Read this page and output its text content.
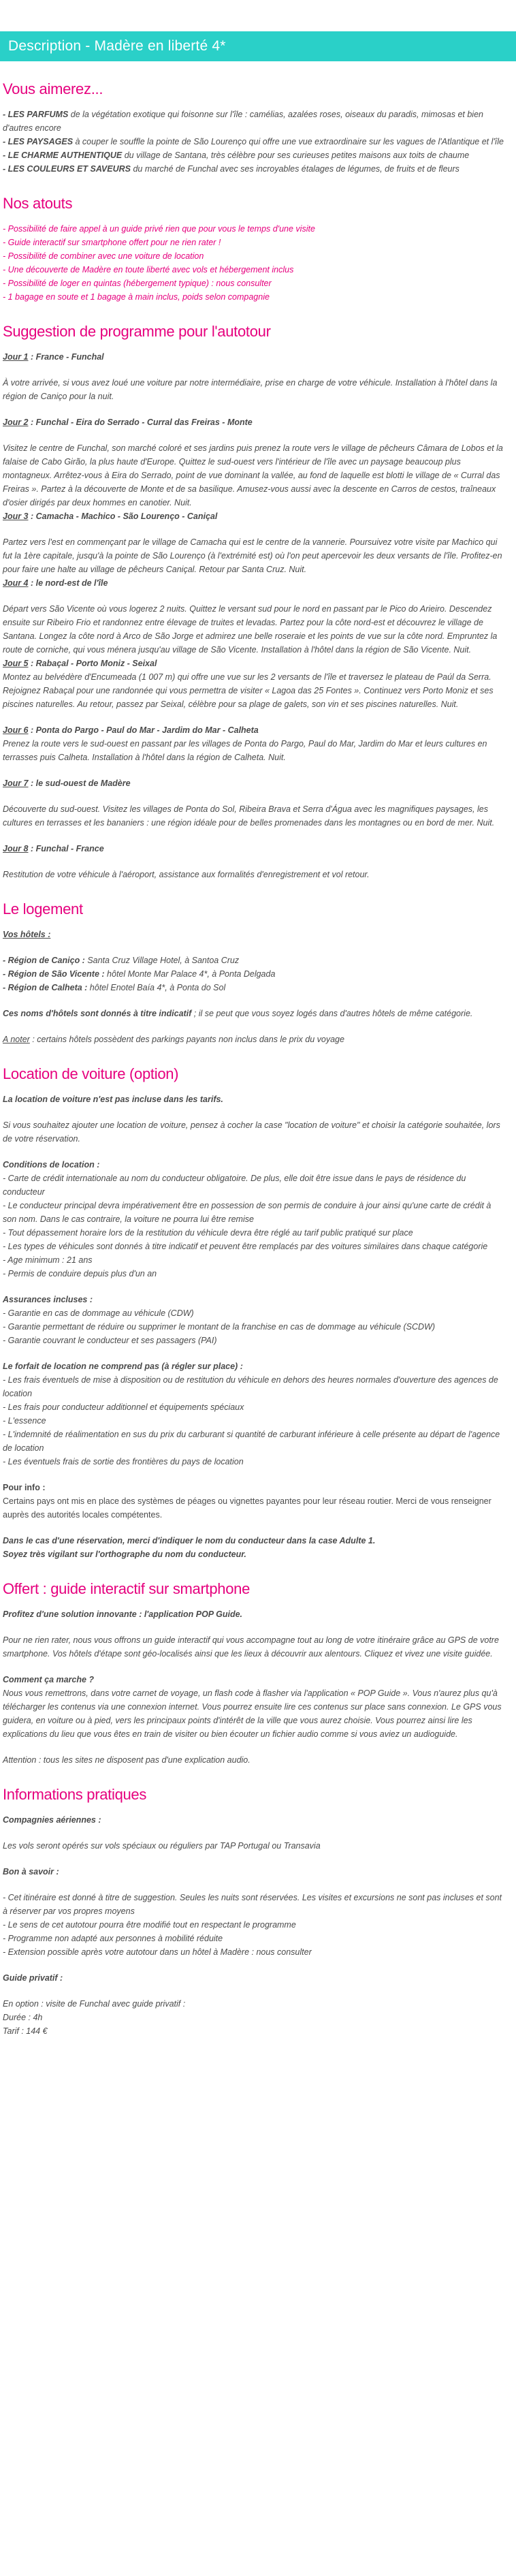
Description - Madère en liberté 4*
Vous aimerez...

- LES PARFUMS de la végétation exotique qui foisonne sur l'île : camélias, azalées roses, oiseaux du paradis, mimosas et bien d'autres encore

- LES PAYSAGES à couper le souffle la pointe de São Lourenço qui offre une vue extraordinaire sur les vagues de l'Atlantique et l'île

- LE CHARME AUTHENTIQUE du village de Santana, très célèbre pour ses curieuses petites maisons aux toits de chaume

- LES COULEURS ET SAVEURS du marché de Funchal avec ses incroyables étalages de légumes, de fruits et de fleurs

Nos atouts

- Possibilité de faire appel à un guide privé rien que pour vous le temps d'une visite

- Guide interactif sur smartphone offert pour ne rien rater !

- Possibilité de combiner avec une voiture de location

- Une découverte de Madère en toute liberté avec vols et hébergement inclus

- Possibilité de loger en quintas (hébergement typique) : nous consulter

- 1 bagage en soute et 1 bagage à main inclus, poids selon compagnie

Suggestion de programme pour l'autotour

Jour 1 : France - Funchal

À votre arrivée, si vous avez loué une voiture par notre intermédiaire, prise en charge de votre véhicule. Installation à l'hôtel dans la région de Caniço pour la nuit.

Jour 2 : Funchal - Eira do Serrado - Curral das Freiras - Monte

Visitez le centre de Funchal, son marché coloré et ses jardins puis prenez la route vers le village de pêcheurs Câmara de Lobos et la falaise de Cabo Girão, la plus haute d'Europe. Quittez le sud-ouest vers l'intérieur de l'île avec un paysage beaucoup plus montagneux. Arrêtez-vous à Eira do Serrado, point de vue dominant la vallée, au fond de laquelle est blotti le village de « Curral das Freiras ». Partez à la découverte de Monte et de sa basilique. Amusez-vous aussi avec la descente en Carros de cestos, traîneaux d'osier dirigés par deux hommes en canotier. Nuit.

Jour 3 : Camacha - Machico - São Lourenço - Caniçal

Partez vers l'est en commençant par le village de Camacha qui est le centre de la vannerie. Poursuivez votre visite par Machico qui fut la 1ère capitale, jusqu'à la pointe de São Lourenço (à l'extrémité est) où l'on peut apercevoir les deux versants de l'île. Profitez-en pour faire une halte au village de pêcheurs Caniçal. Retour par Santa Cruz. Nuit.

Jour 4 : le nord-est de l'île

Départ vers São Vicente où vous logerez 2 nuits. Quittez le versant sud pour le nord en passant par le Pico do Arieiro. Descendez ensuite sur Ribeiro Frio et randonnez entre élevage de truites et levadas. Partez pour la côte nord-est et découvrez le village de Santana. Longez la côte nord à Arco de São Jorge et admirez une belle roseraie et les points de vue sur la côte nord. Empruntez la route de corniche, qui vous ménera jusqu'au village de São Vicente. Installation à l'hôtel dans la région de São Vicente. Nuit.

Jour 5 : Rabaçal - Porto Moniz - Seixal

Montez au belvédère d'Encumeada (1 007 m) qui offre une vue sur les 2 versants de l'île et traversez le plateau de Paúl da Serra. Rejoignez Rabaçal pour une randonnée qui vous permettra de visiter « Lagoa das 25 Fontes ». Continuez vers Porto Moniz et ses piscines naturelles. Au retour, passez par Seixal, célèbre pour sa plage de galets, son vin et ses piscines naturelles. Nuit.

Jour 6 : Ponta do Pargo - Paul do Mar - Jardim do Mar - Calheta

Prenez la route vers le sud-ouest en passant par les villages de Ponta do Pargo, Paul do Mar, Jardim do Mar et leurs cultures en terrasses puis Calheta. Installation à l'hôtel dans la région de Calheta. Nuit.

Jour 7 : le sud-ouest de Madère

Découverte du sud-ouest. Visitez les villages de Ponta do Sol, Ribeira Brava et Serra d'Água avec les magnifiques paysages, les cultures en terrasses et les bananiers : une région idéale pour de belles promenades dans les montagnes ou en bord de mer. Nuit.

Jour 8 : Funchal - France

Restitution de votre véhicule à l'aéroport, assistance aux formalités d'enregistrement et vol retour.

Le logement

Vos hôtels :

- Région de Caniço : Santa Cruz Village Hotel, à Santoa Cruz

- Région de São Vicente : hôtel Monte Mar Palace 4*, à Ponta Delgada

- Région de Calheta : hôtel Enotel Baía 4*, à Ponta do Sol

Ces noms d'hôtels sont donnés à titre indicatif ; il se peut que vous soyez logés dans d'autres hôtels de même catégorie.

A noter : certains hôtels possèdent des parkings payants non inclus dans le prix du voyage

Location de voiture (option)

La location de voiture n'est pas incluse dans les tarifs.

Si vous souhaitez ajouter une location de voiture, pensez à cocher la case "location de voiture" et choisir la catégorie souhaitée, lors de votre réservation.

Conditions de location :

- Carte de crédit internationale au nom du conducteur obligatoire. De plus, elle doit être issue dans le pays de résidence du conducteur

- Le conducteur principal devra impérativement être en possession de son permis de conduire à jour ainsi qu'une carte de crédit à son nom. Dans le cas contraire, la voiture ne pourra lui être remise

- Tout dépassement horaire lors de la restitution du véhicule devra être réglé au tarif public pratiqué sur place

- Les types de véhicules sont donnés à titre indicatif et peuvent être remplacés par des voitures similaires dans chaque catégorie

- Age minimum : 21 ans

- Permis de conduire depuis plus d'un an

Assurances incluses :

- Garantie en cas de dommage au véhicule (CDW)

- Garantie permettant de réduire ou supprimer le montant de la franchise en cas de dommage au véhicule (SCDW)

- Garantie couvrant le conducteur et ses passagers (PAI)

Le forfait de location ne comprend pas (à régler sur place) :

- Les frais éventuels de mise à disposition ou de restitution du véhicule en dehors des heures normales d'ouverture des agences de location

- Les frais pour conducteur additionnel et équipements spéciaux

- L'essence

- L'indemnité de réalimentation en sus du prix du carburant si quantité de carburant inférieure à celle présente au départ de l'agence de location

- Les éventuels frais de sortie des frontières du pays de location

Pour info :

Certains pays ont mis en place des systèmes de péages ou vignettes payantes pour leur réseau routier. Merci de vous renseigner auprès des autorités locales compétentes.

Dans le cas d'une réservation, merci d'indiquer le nom du conducteur dans la case Adulte 1.

Soyez très vigilant sur l'orthographe du nom du conducteur.

Offert : guide interactif sur smartphone

Profitez d'une solution innovante : l'application POP Guide.

Pour ne rien rater, nous vous offrons un guide interactif qui vous accompagne tout au long de votre itinéraire grâce au GPS de votre smartphone. Vos hôtels d'étape sont géo-localisés ainsi que les lieux à découvrir aux alentours. Cliquez et vivez une visite guidée.

Comment ça marche ?

Nous vous remettrons, dans votre carnet de voyage, un flash code à flasher via l'application « POP Guide ». Vous n'aurez plus qu'à télécharger les contenus via une connexion internet. Vous pourrez ensuite lire ces contenus sur place sans connexion. Le GPS vous guidera, en voiture ou à pied, vers les principaux points d'intérêt de la ville que vous aurez choisie. Vous pourrez ainsi lire les explications du lieu que vous êtes en train de visiter ou bien écouter un fichier audio comme si vous aviez un audioguide.

Attention : tous les sites ne disposent pas d'une explication audio.

Informations pratiques

Compagnies aériennes :

Les vols seront opérés sur vols spéciaux ou réguliers par TAP Portugal ou Transavia

Bon à savoir :

- Cet itinéraire est donné à titre de suggestion. Seules les nuits sont réservées. Les visites et excursions ne sont pas incluses et sont à réserver par vos propres moyens

- Le sens de cet autotour pourra être modifié tout en respectant le programme

- Programme non adapté aux personnes à mobilité réduite

- Extension possible après votre autotour dans un hôtel à Madère : nous consulter

Guide privatif :

En option : visite de Funchal avec guide privatif :

Durée : 4h

Tarif : 144 €
